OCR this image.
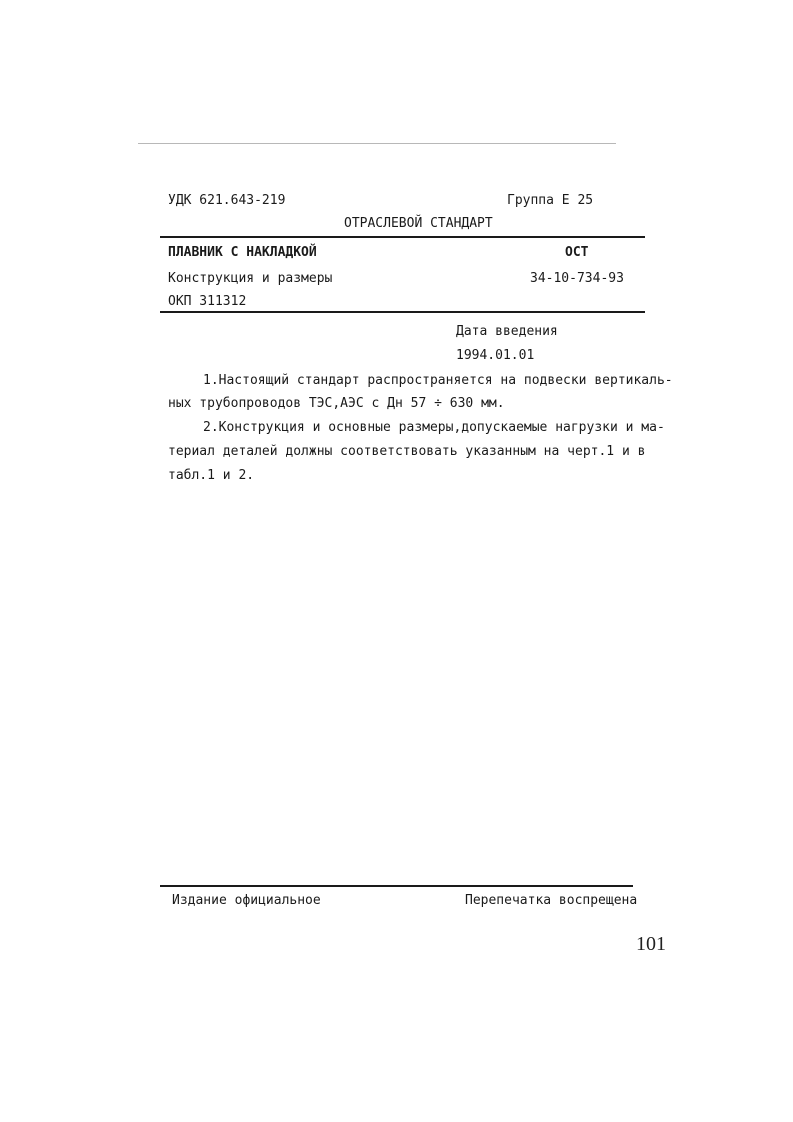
УДК 621.643-219	Группа Е 25
ОТРАСЛЕВОЙ СТАНДАРТ
ПЛАВНИК С НАКЛАДКОЙ	ОСТ
Конструкция и размеры	34-10-734-93
ОКП 311312
Дата введения
1994.01.01
1.Настоящий стандарт распространяется на подвески вертикаль-
ных трубопроводов ТЭС,АЭС с Дн 57 ÷ 630 мм.
2.Конструкция и основные размеры,допускаемые нагрузки и ма-
териал деталей должны соответствовать указанным на черт.1 и в
табл.1 и 2.
Издание официальное	Перепечатка воспрещена
101
